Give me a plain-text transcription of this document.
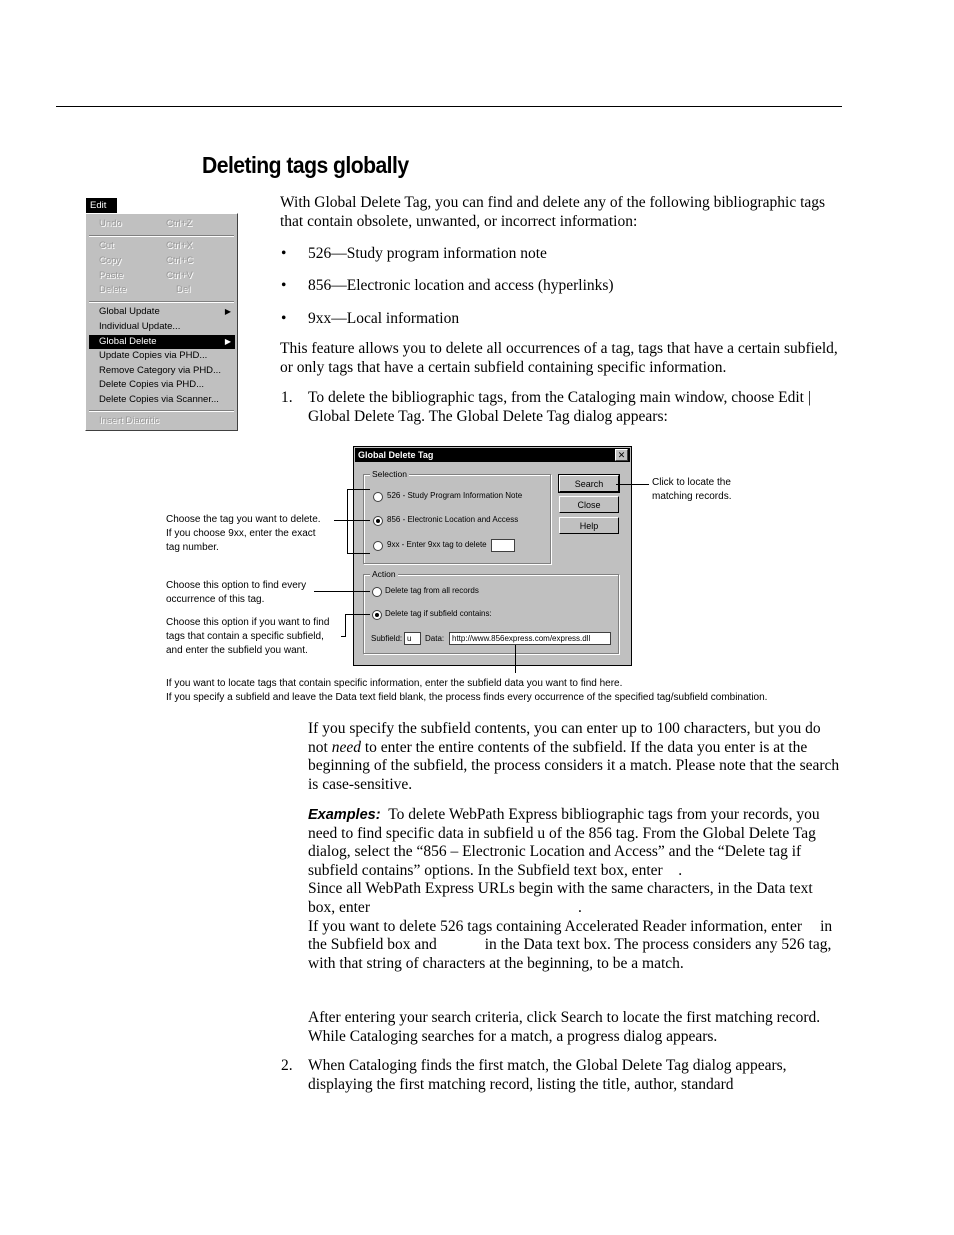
Deleting tags globally
Edit
Undo	Ctrl+Z
Cut	Ctrl+X
Copy	Ctrl+C
Paste	Ctrl+V
Delete	Del
Global Update	▶
Individual Update...
Global Delete	▶
Update Copies via PHD...
Remove Category via PHD...
Delete Copies via PHD...
Delete Copies via Scanner...
Insert Diacritic
With Global Delete Tag, you can find and delete any of the following bibliographic tags that contain obsolete, unwanted, or incorrect information:
• 526—Study program information note
• 856—Electronic location and access (hyperlinks)
• 9xx—Local information
This feature allows you to delete all occurrences of a tag, tags that have a certain subfield, or only tags that have a certain subfield containing specific information.
1. To delete the bibliographic tags, from the Cataloging main window, choose Edit | Global Delete Tag. The Global Delete Tag dialog appears:
Global Delete Tag	✕
Selection
526 - Study Program Information Note
856 - Electronic Location and Access
9xx - Enter 9xx tag to delete
Search
Close
Help
Action
Delete tag from all records
Delete tag if subfield contains:
Subfield: u	Data: http://www.856express.com/express.dll
Click to locate the
matching records.
Choose the tag you want to delete.
If you choose 9xx, enter the exact
tag number.
Choose this option to find every
occurrence of this tag.
Choose this option if you want to find
tags that contain a specific subfield,
and enter the subfield you want.
If you want to locate tags that contain specific information, enter the subfield data you want to find here.
If you specify a subfield and leave the Data text field blank, the process finds every occurrence of the specified tag/subfield combination.
If you specify the subfield contents, you can enter up to 100 characters, but you do not need to enter the entire contents of the subfield. If the data you enter is at the beginning of the subfield, the process considers it a match. Please note that the search is case-sensitive.
Examples: To delete WebPath Express bibliographic tags from your records, you need to find specific data in subfield u of the 856 tag. From the Global Delete Tag dialog, select the “856 – Electronic Location and Access” and the “Delete tag if subfield contains” options. In the Subfield text box, enter .
Since all WebPath Express URLs begin with the same characters, in the Data text box, enter	.
If you want to delete 526 tags containing Accelerated Reader information, enter in the Subfield box and	in the Data text box. The process considers any 526 tag, with that string of characters at the beginning, to be a match.
After entering your search criteria, click Search to locate the first matching record. While Cataloging searches for a match, a progress dialog appears.
2. When Cataloging finds the first match, the Global Delete Tag dialog appears, displaying the first matching record, listing the title, author, standard
